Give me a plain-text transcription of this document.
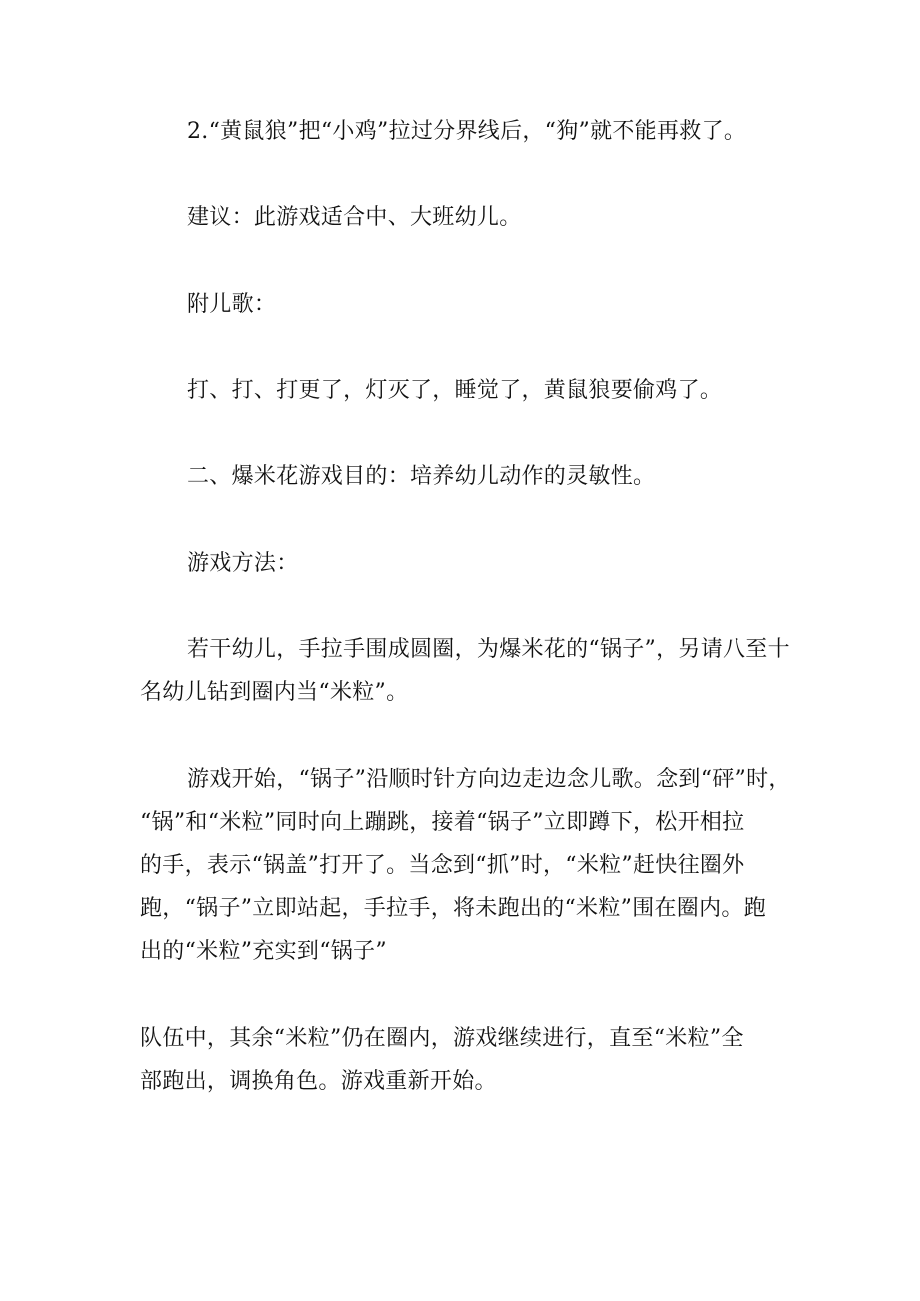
2.“黄鼠狼”把“小鸡”拉过分界线后，“狗”就不能再救了。
建议：此游戏适合中、大班幼儿。
附儿歌：
打、打、打更了，灯灭了，睡觉了，黄鼠狼要偷鸡了。
二、爆米花游戏目的：培养幼儿动作的灵敏性。
游戏方法：
若干幼儿，手拉手围成圆圈，为爆米花的“锅子”，另请八至十
名幼儿钻到圈内当“米粒”。
游戏开始，“锅子”沿顺时针方向边走边念儿歌。念到“砰”时，
“锅”和“米粒”同时向上蹦跳，接着“锅子”立即蹲下，松开相拉
的手，表示“锅盖”打开了。当念到“抓”时，“米粒”赶快往圈外
跑，“锅子”立即站起，手拉手，将未跑出的“米粒”围在圈内。跑
出的“米粒”充实到“锅子”
队伍中，其余“米粒”仍在圈内，游戏继续进行，直至“米粒”全
部跑出，调换角色。游戏重新开始。
